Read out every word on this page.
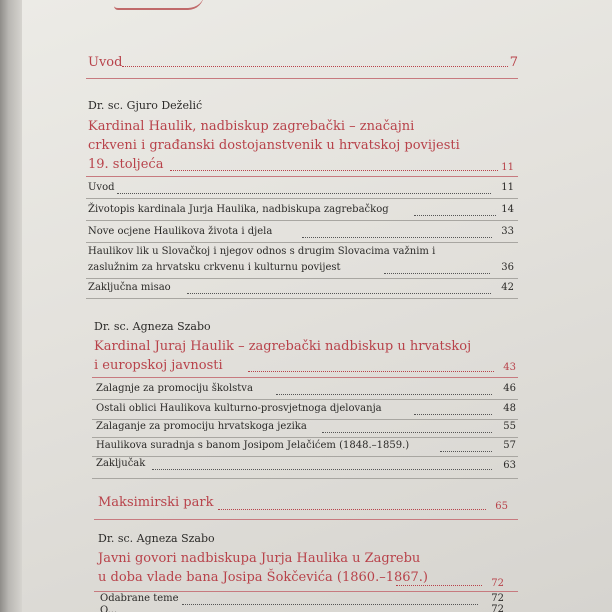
Uvod	7
Dr. sc. Gjuro Deželić
Kardinal Haulik, nadbiskup zagrebački – značajni
crkveni i građanski dostojanstvenik u hrvatskoj povijesti
19. stoljeća	11
Uvod	11
Životopis kardinala Jurja Haulika, nadbiskupa zagrebačkog	14
Nove ocjene Haulikova života i djela	33
Haulikov lik u Slovačkoj i njegov odnos s drugim Slovacima važnim i
zaslužnim za hrvatsku crkvenu i kulturnu povijest	36
Zaključna misao	42
Dr. sc. Agneza Szabo
Kardinal Juraj Haulik – zagrebački nadbiskup u hrvatskoj
i europskoj javnosti	43
Zalagnje za promociju školstva	46
Ostali oblici Haulikova kulturno-prosvjetnoga djelovanja	48
Zalaganje za promociju hrvatskoga jezika	55
Haulikova suradnja s banom Josipom Jelačićem (1848.–1859.)	57
Zaključak	63
Maksimirski park	65
Dr. sc. Agneza Szabo
Javni govori nadbiskupa Jurja Haulika u Zagrebu
u doba vlade bana Josipa Šokčevića (1860.–1867.)	72
Odabrane teme	72
O...	72
